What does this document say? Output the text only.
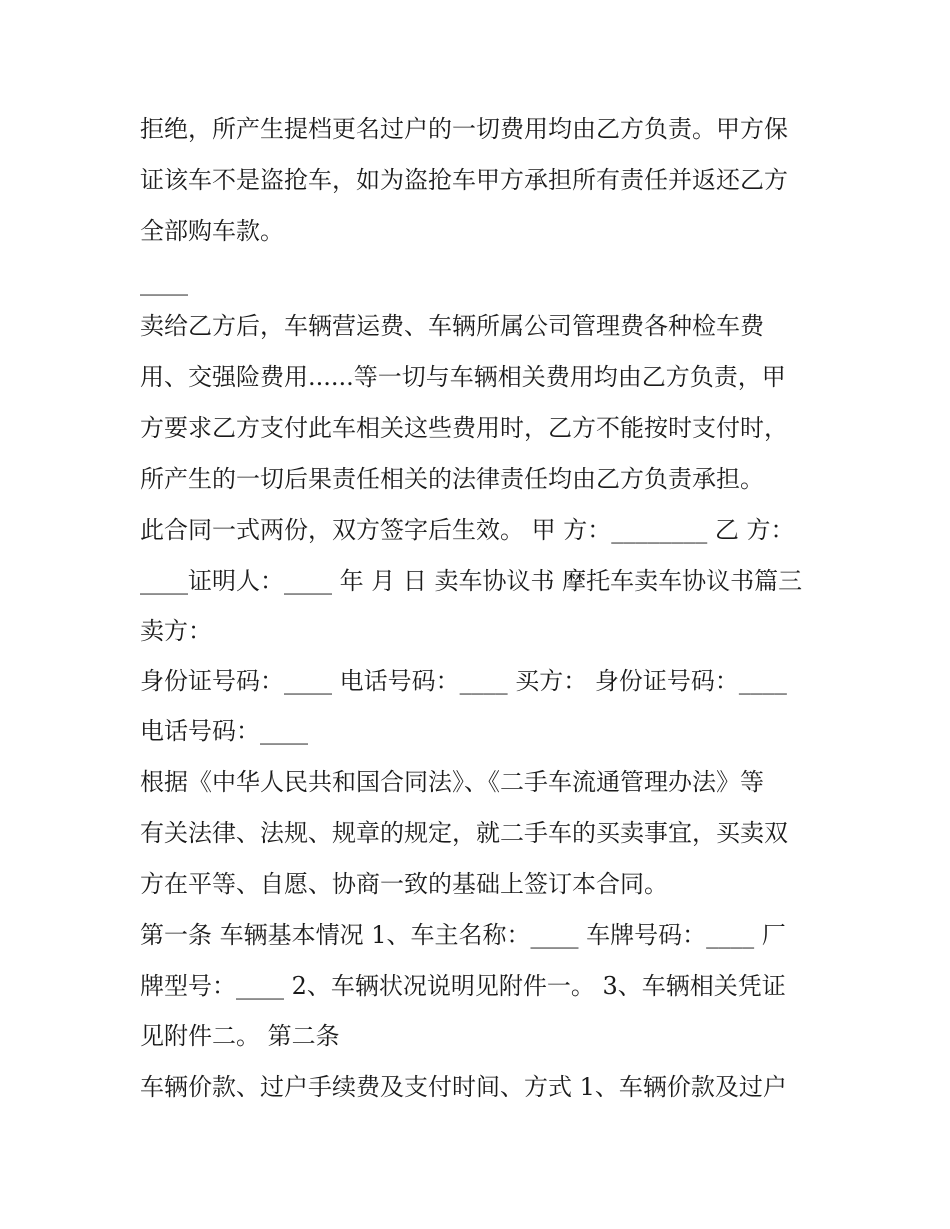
拒绝，所产生提档更名过户的一切费用均由乙方负责。甲方保
证该车不是盗抢车，如为盗抢车甲方承担所有责任并返还乙方
全部购车款。
____
卖给乙方后，车辆营运费、车辆所属公司管理费各种检车费
用、交强险费用......等一切与车辆相关费用均由乙方负责，甲
方要求乙方支付此车相关这些费用时，乙方不能按时支付时，
所产生的一切后果责任相关的法律责任均由乙方负责承担。
此合同一式两份，双方签字后生效。 甲 方：________ 乙 方：
____证明人：____ 年 月 日 卖车协议书 摩托车卖车协议书篇三
卖方：
身份证号码：____ 电话号码：____ 买方： 身份证号码：____
电话号码：____
根据《中华人民共和国合同法》、《二手车流通管理办法》等
有关法律、法规、规章的规定，就二手车的买卖事宜，买卖双
方在平等、自愿、协商一致的基础上签订本合同。
第一条 车辆基本情况 1、车主名称：____ 车牌号码：____ 厂
牌型号：____ 2、车辆状况说明见附件一。 3、车辆相关凭证
见附件二。 第二条
车辆价款、过户手续费及支付时间、方式 1、车辆价款及过户
